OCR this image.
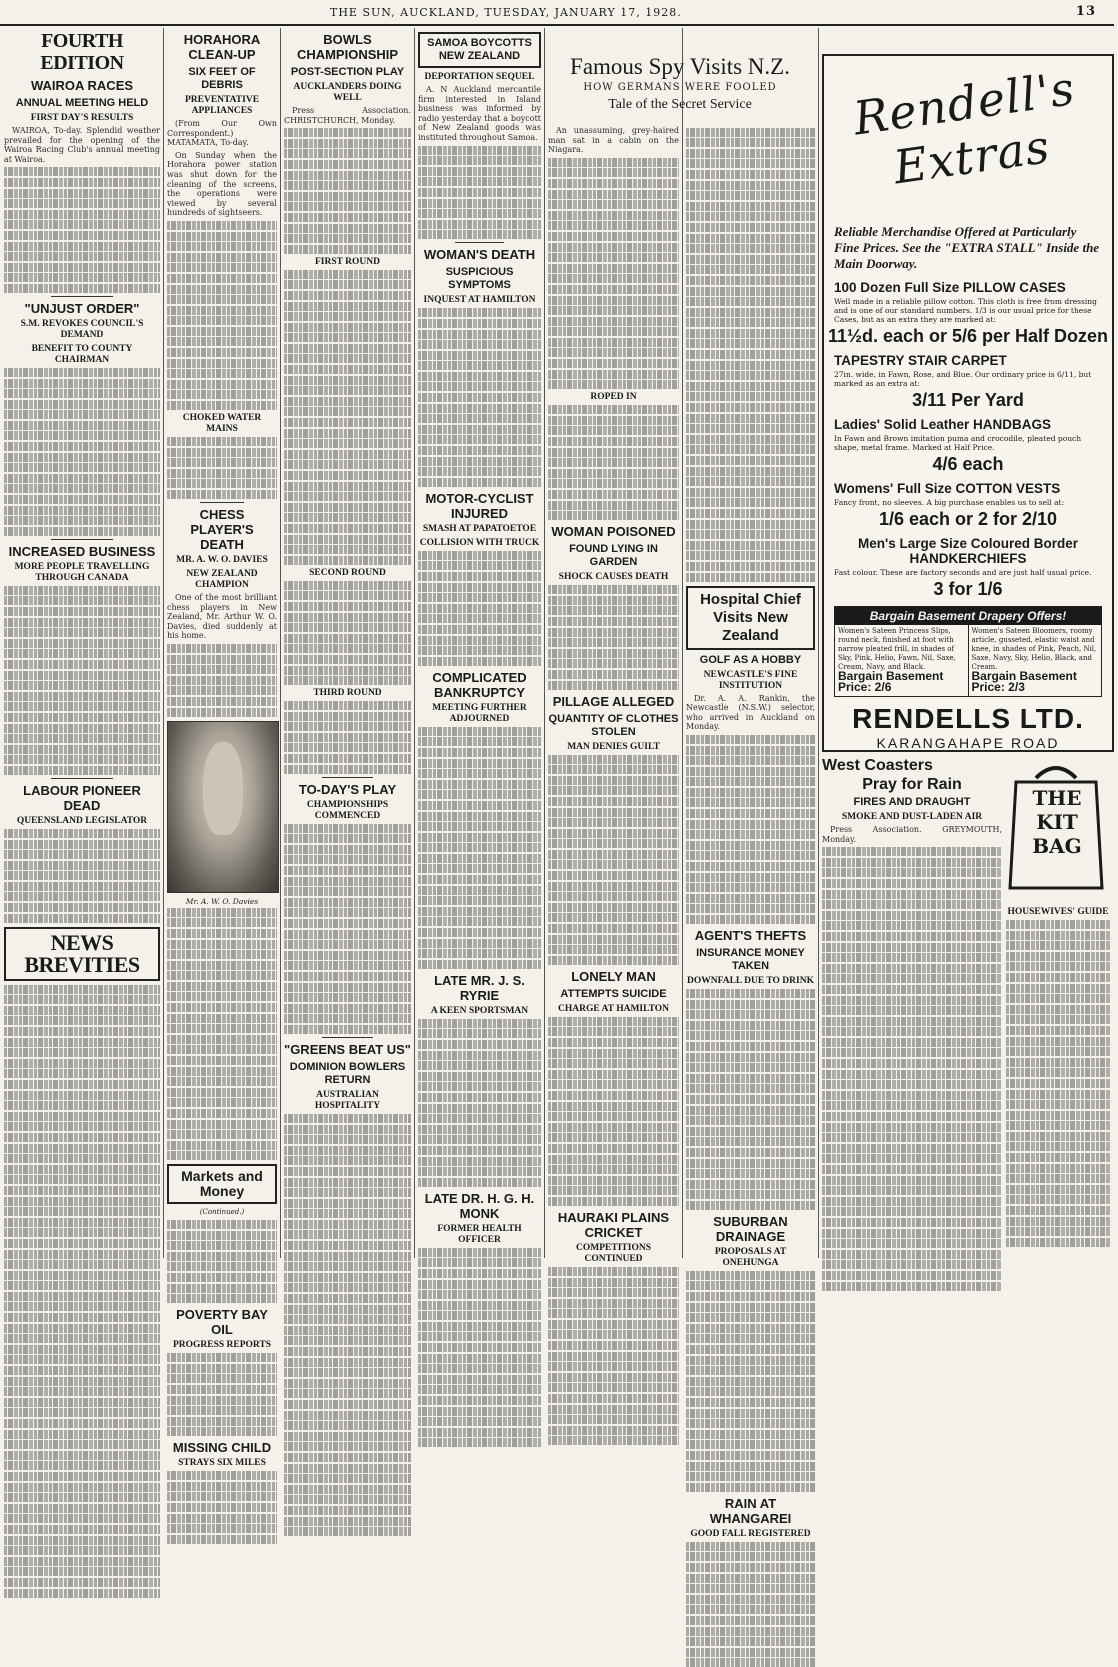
THE SUN, AUCKLAND, TUESDAY, JANUARY 17, 1928.	13
FOURTH EDITION
WAIROA RACES
ANNUAL MEETING HELD
FIRST DAY'S RESULTS

WAIROA, To-day. Splendid weather prevailed for the opening of the Wairoa Racing Club's annual meeting at Wairoa.

"UNJUST ORDER"
S.M. REVOKES COUNCIL'S DEMAND
BENEFIT TO COUNTY CHAIRMAN
INCREASED BUSINESS
MORE PEOPLE TRAVELLING THROUGH CANADA
LABOUR PIONEER DEAD
QUEENSLAND LEGISLATOR
NEWS
BREVITIES
HORAHORA CLEAN-UP
SIX FEET OF DEBRIS
PREVENTATIVE APPLIANCES

(From Our Own Correspondent.) MATAMATA, To-day.

On Sunday when the Horahora power station was shut down for the cleaning of the screens, the operations were viewed by several hundreds of sightseers.

CHOKED WATER MAINS
CHESS PLAYER'S DEATH
MR. A. W. O. DAVIES
NEW ZEALAND CHAMPION

One of the most brilliant chess players in New Zealand, Mr. Arthur W. O. Davies, died suddenly at his home.

Mr. A. W. O. Davies
Markets and Money
(Continued.)
POVERTY BAY OIL
PROGRESS REPORTS
MISSING CHILD
STRAYS SIX MILES
BOWLS CHAMPIONSHIP
POST-SECTION PLAY
AUCKLANDERS DOING WELL

Press Association. CHRISTCHURCH, Monday.

FIRST ROUND
SECOND ROUND
THIRD ROUND
TO-DAY'S PLAY
CHAMPIONSHIPS COMMENCED
"GREENS BEAT US"
DOMINION BOWLERS RETURN
AUSTRALIAN HOSPITALITY
SAMOA BOYCOTTS NEW ZEALAND
DEPORTATION SEQUEL

A. N Auckland mercantile firm interested in Island business was informed by radio yesterday that a boycott of New Zealand goods was instituted throughout Samoa.

WOMAN'S DEATH
SUSPICIOUS SYMPTOMS
INQUEST AT HAMILTON
MOTOR-CYCLIST INJURED
SMASH AT PAPATOETOE
COLLISION WITH TRUCK
COMPLICATED BANKRUPTCY
MEETING FURTHER ADJOURNED
LATE MR. J. S. RYRIE
A KEEN SPORTSMAN
LATE DR. H. G. H. MONK
FORMER HEALTH OFFICER
Famous Spy Visits N.Z.
HOW GERMANS WERE FOOLED
Tale of the Secret Service

An unassuming, grey-haired man sat in a cabin on the Niagara.

ROPED IN
WOMAN POISONED
FOUND LYING IN GARDEN
SHOCK CAUSES DEATH
PILLAGE ALLEGED
QUANTITY OF CLOTHES STOLEN
MAN DENIES GUILT
LONELY MAN
ATTEMPTS SUICIDE
CHARGE AT HAMILTON
HAURAKI PLAINS CRICKET
COMPETITIONS CONTINUED
Hospital Chief Visits New Zealand
GOLF AS A HOBBY
NEWCASTLE'S FINE INSTITUTION

Dr. A. A. Rankin, the Newcastle (N.S.W.) selector, who arrived in Auckland on Monday.

AGENT'S THEFTS
INSURANCE MONEY TAKEN
DOWNFALL DUE TO DRINK
SUBURBAN DRAINAGE
PROPOSALS AT ONEHUNGA
RAIN AT WHANGAREI
GOOD FALL REGISTERED
Rendell's Extras
Reliable Merchandise Offered at Particularly Fine Prices. See the "EXTRA STALL" Inside the Main Doorway.
100 Dozen Full Size PILLOW CASES
Well made in a reliable pillow cotton. This cloth is free from dressing and is one of our standard numbers. 1/3 is our usual price for these Cases, but as an extra they are marked at:
11½d. each or 5/6 per Half Dozen
TAPESTRY STAIR CARPET
27in. wide, in Fawn, Rose, and Blue. Our ordinary price is 6/11, but marked as an extra at:
3/11 Per Yard
Ladies' Solid Leather HANDBAGS
In Fawn and Brown imitation puma and crocodile, pleated pouch shape, metal frame. Marked at Half Price.
4/6 each
Womens' Full Size COTTON VESTS
Fancy front, no sleeves. A big purchase enables us to sell at:
1/6 each or 2 for 2/10
Men's Large Size Coloured Border HANDKERCHIEFS
Fast colour. These are factory seconds and are just half usual price.
3 for 1/6
Bargain Basement Drapery Offers!
Women's Sateen Princess Slips, round neck, finished at foot with narrow pleated frill, in shades of Sky, Pink, Helio, Fawn, Nil, Saxe, Cream, Navy, and Black.
Bargain Basement Price: 2/6
Women's Sateen Bloomers, roomy article, gusseted, elastic waist and knee, in shades of Pink, Peach, Nil, Saxe, Navy, Sky, Helio, Black, and Cream.
Bargain Basement Price: 2/3
RENDELLS LTD.
KARANGAHAPE ROAD
West Coasters
Pray for Rain
FIRES AND DRAUGHT
SMOKE AND DUST-LADEN AIR

Press Association. GREYMOUTH, Monday.

THE KIT BAG
HOUSEWIVES' GUIDE
